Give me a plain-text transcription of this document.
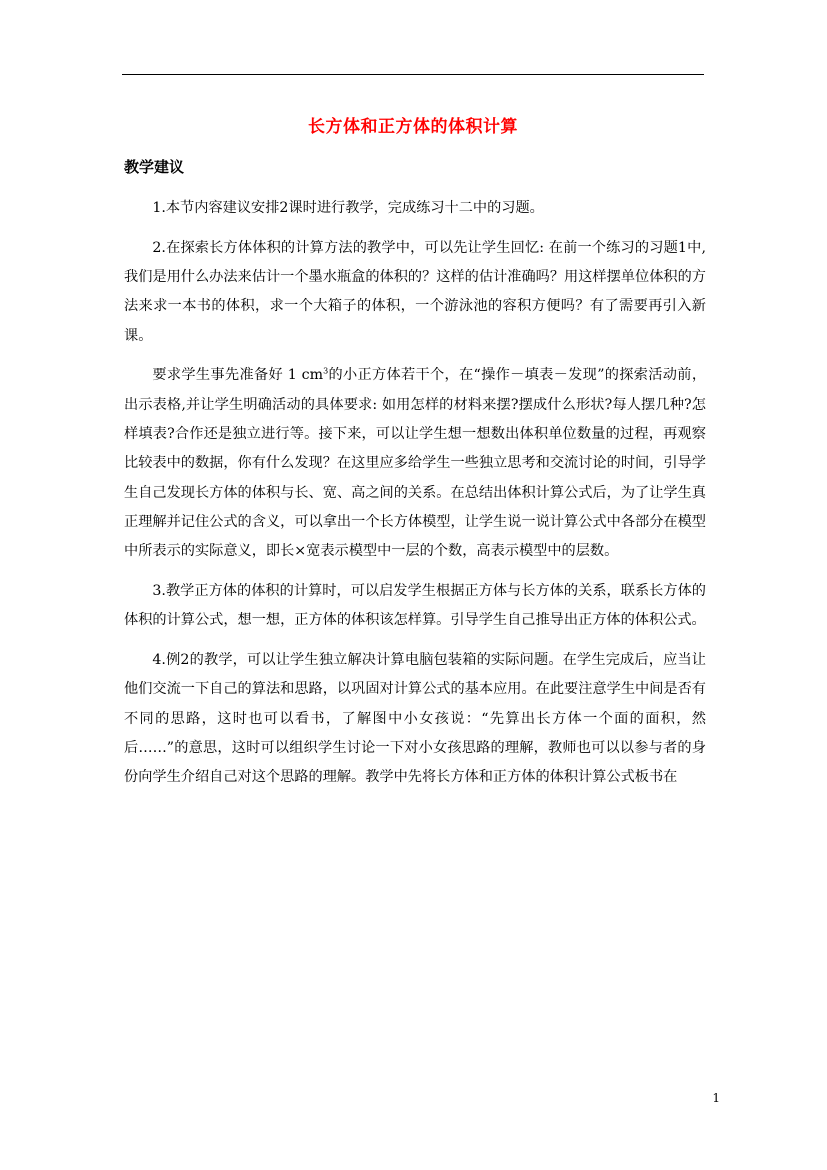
长方体和正方体的体积计算
教学建议

1.本节内容建议安排2课时进行教学，完成练习十二中的习题。

2.在探索长方体体积的计算方法的教学中，可以先让学生回忆: 在前一个练习的习题1中,我们是用什么办法来估计一个墨水瓶盒的体积的？这样的估计准确吗？用这样摆单位体积的方法来求一本书的体积，求一个大箱子的体积，一个游泳池的容积方便吗？有了需要再引入新课。

要求学生事先准备好 1 $cm^3$的小正方体若干个，在“操作－填表－发现”的探索活动前，出示表格,并让学生明确活动的具体要求: 如用怎样的材料来摆?摆成什么形状?每人摆几种?怎样填表?合作还是独立进行等。接下来，可以让学生想一想数出体积单位数量的过程，再观察比较表中的数据，你有什么发现？在这里应多给学生一些独立思考和交流讨论的时间，引导学生自己发现长方体的体积与长、宽、高之间的关系。在总结出体积计算公式后，为了让学生真正理解并记住公式的含义，可以拿出一个长方体模型，让学生说一说计算公式中各部分在模型中所表示的实际意义，即长×宽表示模型中一层的个数，高表示模型中的层数。

3.教学正方体的体积的计算时，可以启发学生根据正方体与长方体的关系，联系长方体的体积的计算公式，想一想，正方体的体积该怎样算。引导学生自己推导出正方体的体积公式。

4.例2的教学，可以让学生独立解决计算电脑包装箱的实际问题。在学生完成后，应当让他们交流一下自己的算法和思路，以巩固对计算公式的基本应用。在此要注意学生中间是否有不同的思路，这时也可以看书，了解图中小女孩说：“先算出长方体一个面的面积，然后……”的意思，这时可以组织学生讨论一下对小女孩思路的理解，教师也可以以参与者的身份向学生介绍自己对这个思路的理解。教学中先将长方体和正方体的体积计算公式板书在

1
